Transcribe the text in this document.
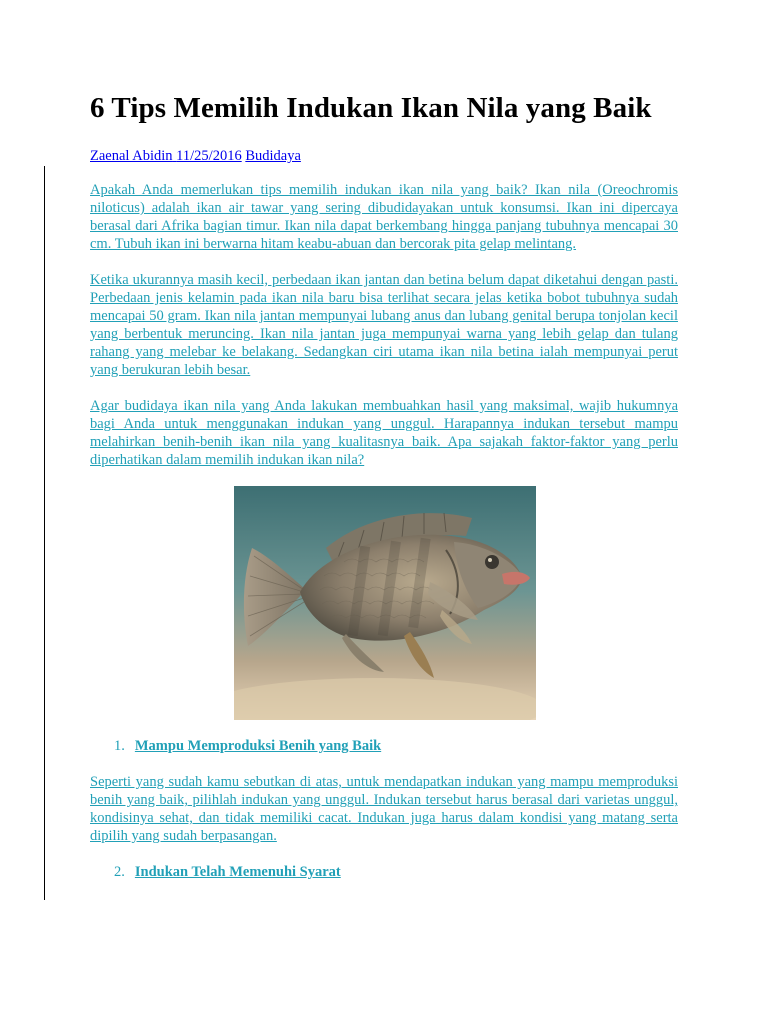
6 Tips Memilih Indukan Ikan Nila yang Baik
Zaenal Abidin 11/25/2016 Budidaya

Apakah Anda memerlukan tips memilih indukan ikan nila yang baik? Ikan nila (Oreochromis niloticus) adalah ikan air tawar yang sering dibudidayakan untuk konsumsi. Ikan ini dipercaya berasal dari Afrika bagian timur. Ikan nila dapat berkembang hingga panjang tubuhnya mencapai 30 cm. Tubuh ikan ini berwarna hitam keabu-abuan dan bercorak pita gelap melintang.

Ketika ukurannya masih kecil, perbedaan ikan jantan dan betina belum dapat diketahui dengan pasti. Perbedaan jenis kelamin pada ikan nila baru bisa terlihat secara jelas ketika bobot tubuhnya sudah mencapai 50 gram. Ikan nila jantan mempunyai lubang anus dan lubang genital berupa tonjolan kecil yang berbentuk meruncing. Ikan nila jantan juga mempunyai warna yang lebih gelap dan tulang rahang yang melebar ke belakang. Sedangkan ciri utama ikan nila betina ialah mempunyai perut yang berukuran lebih besar.

Agar budidaya ikan nila yang Anda lakukan membuahkan hasil yang maksimal, wajib hukumnya bagi Anda untuk menggunakan indukan yang unggul. Harapannya indukan tersebut mampu melahirkan benih-benih ikan nila yang kualitasnya baik. Apa sajakah faktor-faktor yang perlu diperhatikan dalam memilih indukan ikan nila?

1. Mampu Memproduksi Benih yang Baik

Seperti yang sudah kamu sebutkan di atas, untuk mendapatkan indukan yang mampu memproduksi benih yang baik, pilihlah indukan yang unggul. Indukan tersebut harus berasal dari varietas unggul, kondisinya sehat, dan tidak memiliki cacat. Indukan juga harus dalam kondisi yang matang serta dipilih yang sudah berpasangan.

2. Indukan Telah Memenuhi Syarat
